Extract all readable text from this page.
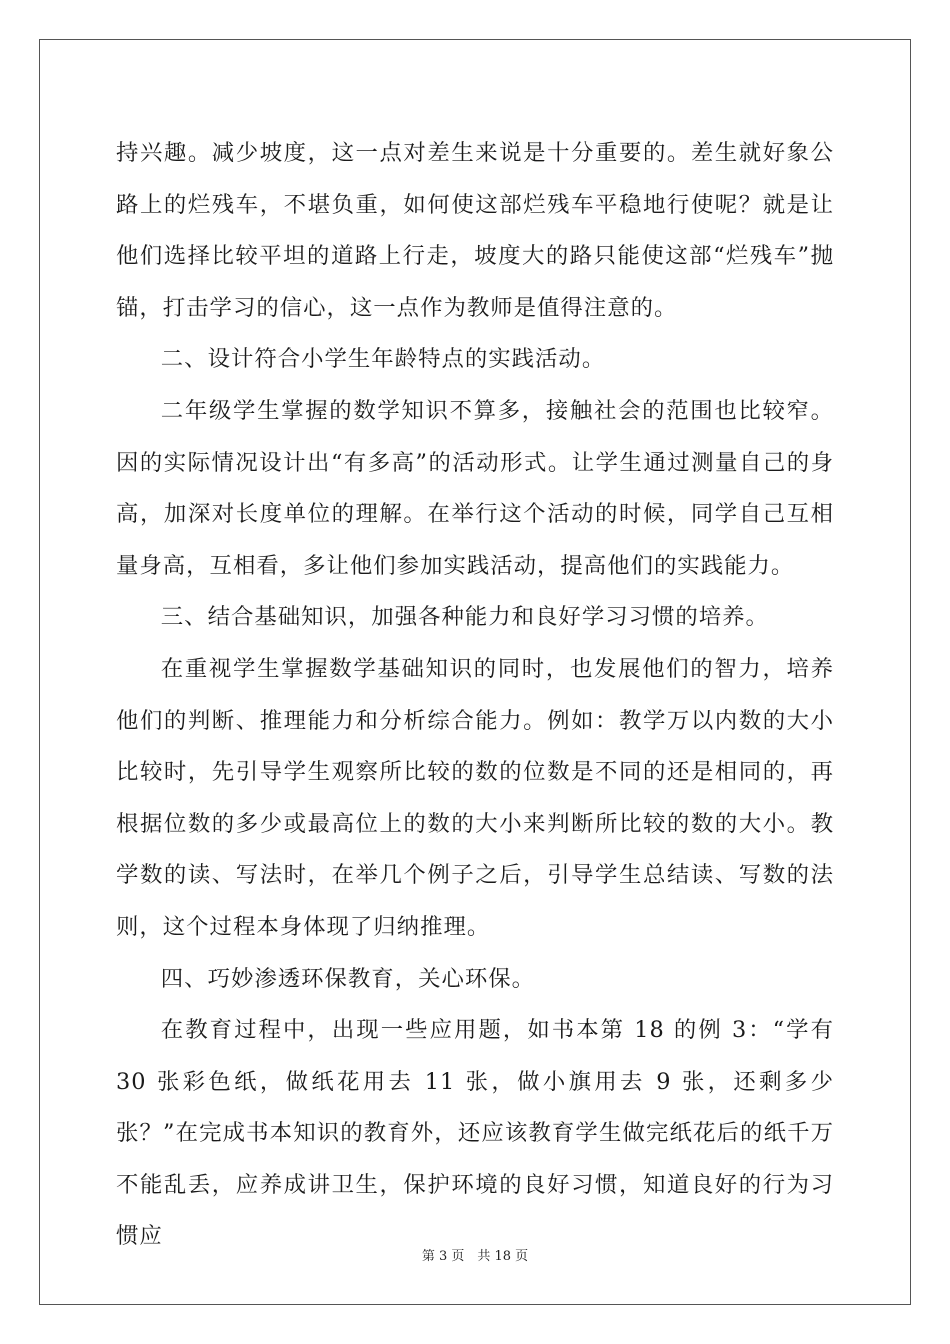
持兴趣。减少坡度，这一点对差生来说是十分重要的。差生就好象公路上的烂残车，不堪负重，如何使这部烂残车平稳地行使呢？就是让他们选择比较平坦的道路上行走，坡度大的路只能使这部“烂残车”抛锚，打击学习的信心，这一点作为教师是值得注意的。

二、设计符合小学生年龄特点的实践活动。

二年级学生掌握的数学知识不算多，接触社会的范围也比较窄。因的实际情况设计出“有多高”的活动形式。让学生通过测量自己的身高，加深对长度单位的理解。在举行这个活动的时候，同学自己互相量身高，互相看，多让他们参加实践活动，提高他们的实践能力。

三、结合基础知识，加强各种能力和良好学习习惯的培养。

在重视学生掌握数学基础知识的同时，也发展他们的智力，培养他们的判断、推理能力和分析综合能力。例如：教学万以内数的大小比较时，先引导学生观察所比较的数的位数是不同的还是相同的，再根据位数的多少或最高位上的数的大小来判断所比较的数的大小。教学数的读、写法时，在举几个例子之后，引导学生总结读、写数的法则，这个过程本身体现了归纳推理。

四、巧妙渗透环保教育，关心环保。

在教育过程中，出现一些应用题，如书本第 18 的例 3：“学有 30 张彩色纸，做纸花用去 11 张，做小旗用去 9 张，还剩多少张？”在完成书本知识的教育外，还应该教育学生做完纸花后的纸千万不能乱丢，应养成讲卫生，保护环境的良好习惯，知道良好的行为习惯应

第 3 页　共 18 页
